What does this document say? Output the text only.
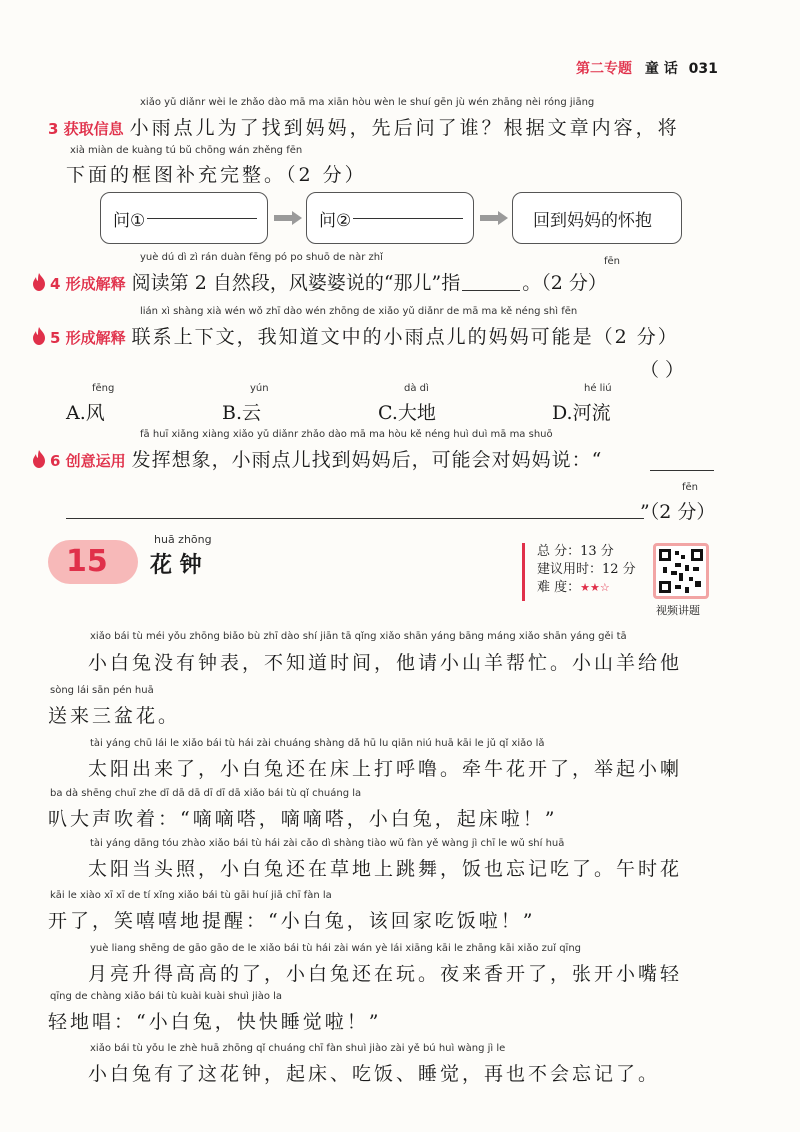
第二专题 童 话 031
xiǎo yǔ diǎnr wèi le zhǎo dào mā ma xiān hòu wèn le shuí gēn jù wén zhāng nèi róng jiāng
3 获取信息 小雨点儿为了找到妈妈，先后问了谁？根据文章内容，将
xià miàn de kuàng tú bǔ chōng wán zhěng fēn
下面的框图补充完整。（2 分）
问①	问②	回到妈妈的怀抱
yuè dú dì zì rán duàn fēng pó po shuō de nàr zhǐ	fēn
4 形成解释 阅读第 2 自然段，风婆婆说的“那儿”指	。（2 分）
lián xì shàng xià wén wǒ zhī dào wén zhōng de xiǎo yǔ diǎnr de mā ma kě néng shì fēn
5 形成解释 联系上下文，我知道文中的小雨点儿的妈妈可能是（2 分）
（ ）
fēng
A.风
yún
B.云
dà dì
C.大地
hé liú
D.河流
fā huī xiǎng xiàng xiǎo yǔ diǎnr zhǎo dào mā ma hòu kě néng huì duì mā ma shuō
6 创意运用 发挥想象，小雨点儿找到妈妈后，可能会对妈妈说：“
fēn
”（2 分）
15
huā zhōng
花 钟
总 分：13 分
建议用时：12 分
难 度：★★☆
视频讲题
xiǎo bái tù méi yǒu zhōng biǎo bù zhī dào shí jiān tā qǐng xiǎo shān yáng bāng máng xiǎo shān yáng gěi tā
小白兔没有钟表，不知道时间，他请小山羊帮忙。小山羊给他
sòng lái sān pén huā
送来三盆花。
tài yáng chū lái le xiǎo bái tù hái zài chuáng shàng dǎ hū lu qiān niú huā kāi le jǔ qǐ xiǎo lǎ
太阳出来了，小白兔还在床上打呼噜。牵牛花开了，举起小喇
ba dà shēng chuī zhe dī dā dā dī dī dā xiǎo bái tù qǐ chuáng la
叭大声吹着：“嘀嘀嗒，嘀嘀嗒，小白兔，起床啦！”
tài yáng dāng tóu zhào xiǎo bái tù hái zài cǎo dì shàng tiào wǔ fàn yě wàng jì chī le wǔ shí huā
太阳当头照，小白兔还在草地上跳舞，饭也忘记吃了。午时花
kāi le xiào xī xī de tí xǐng xiǎo bái tù gāi huí jiā chī fàn la
开了，笑嘻嘻地提醒：“小白兔，该回家吃饭啦！”
yuè liang shēng de gāo gāo de le xiǎo bái tù hái zài wán yè lái xiāng kāi le zhāng kāi xiǎo zuǐ qīng
月亮升得高高的了，小白兔还在玩。夜来香开了，张开小嘴轻
qīng de chàng xiǎo bái tù kuài kuài shuì jiào la
轻地唱：“小白兔，快快睡觉啦！”
xiǎo bái tù yǒu le zhè huā zhōng qǐ chuáng chī fàn shuì jiào zài yě bú huì wàng jì le
小白兔有了这花钟，起床、吃饭、睡觉，再也不会忘记了。
